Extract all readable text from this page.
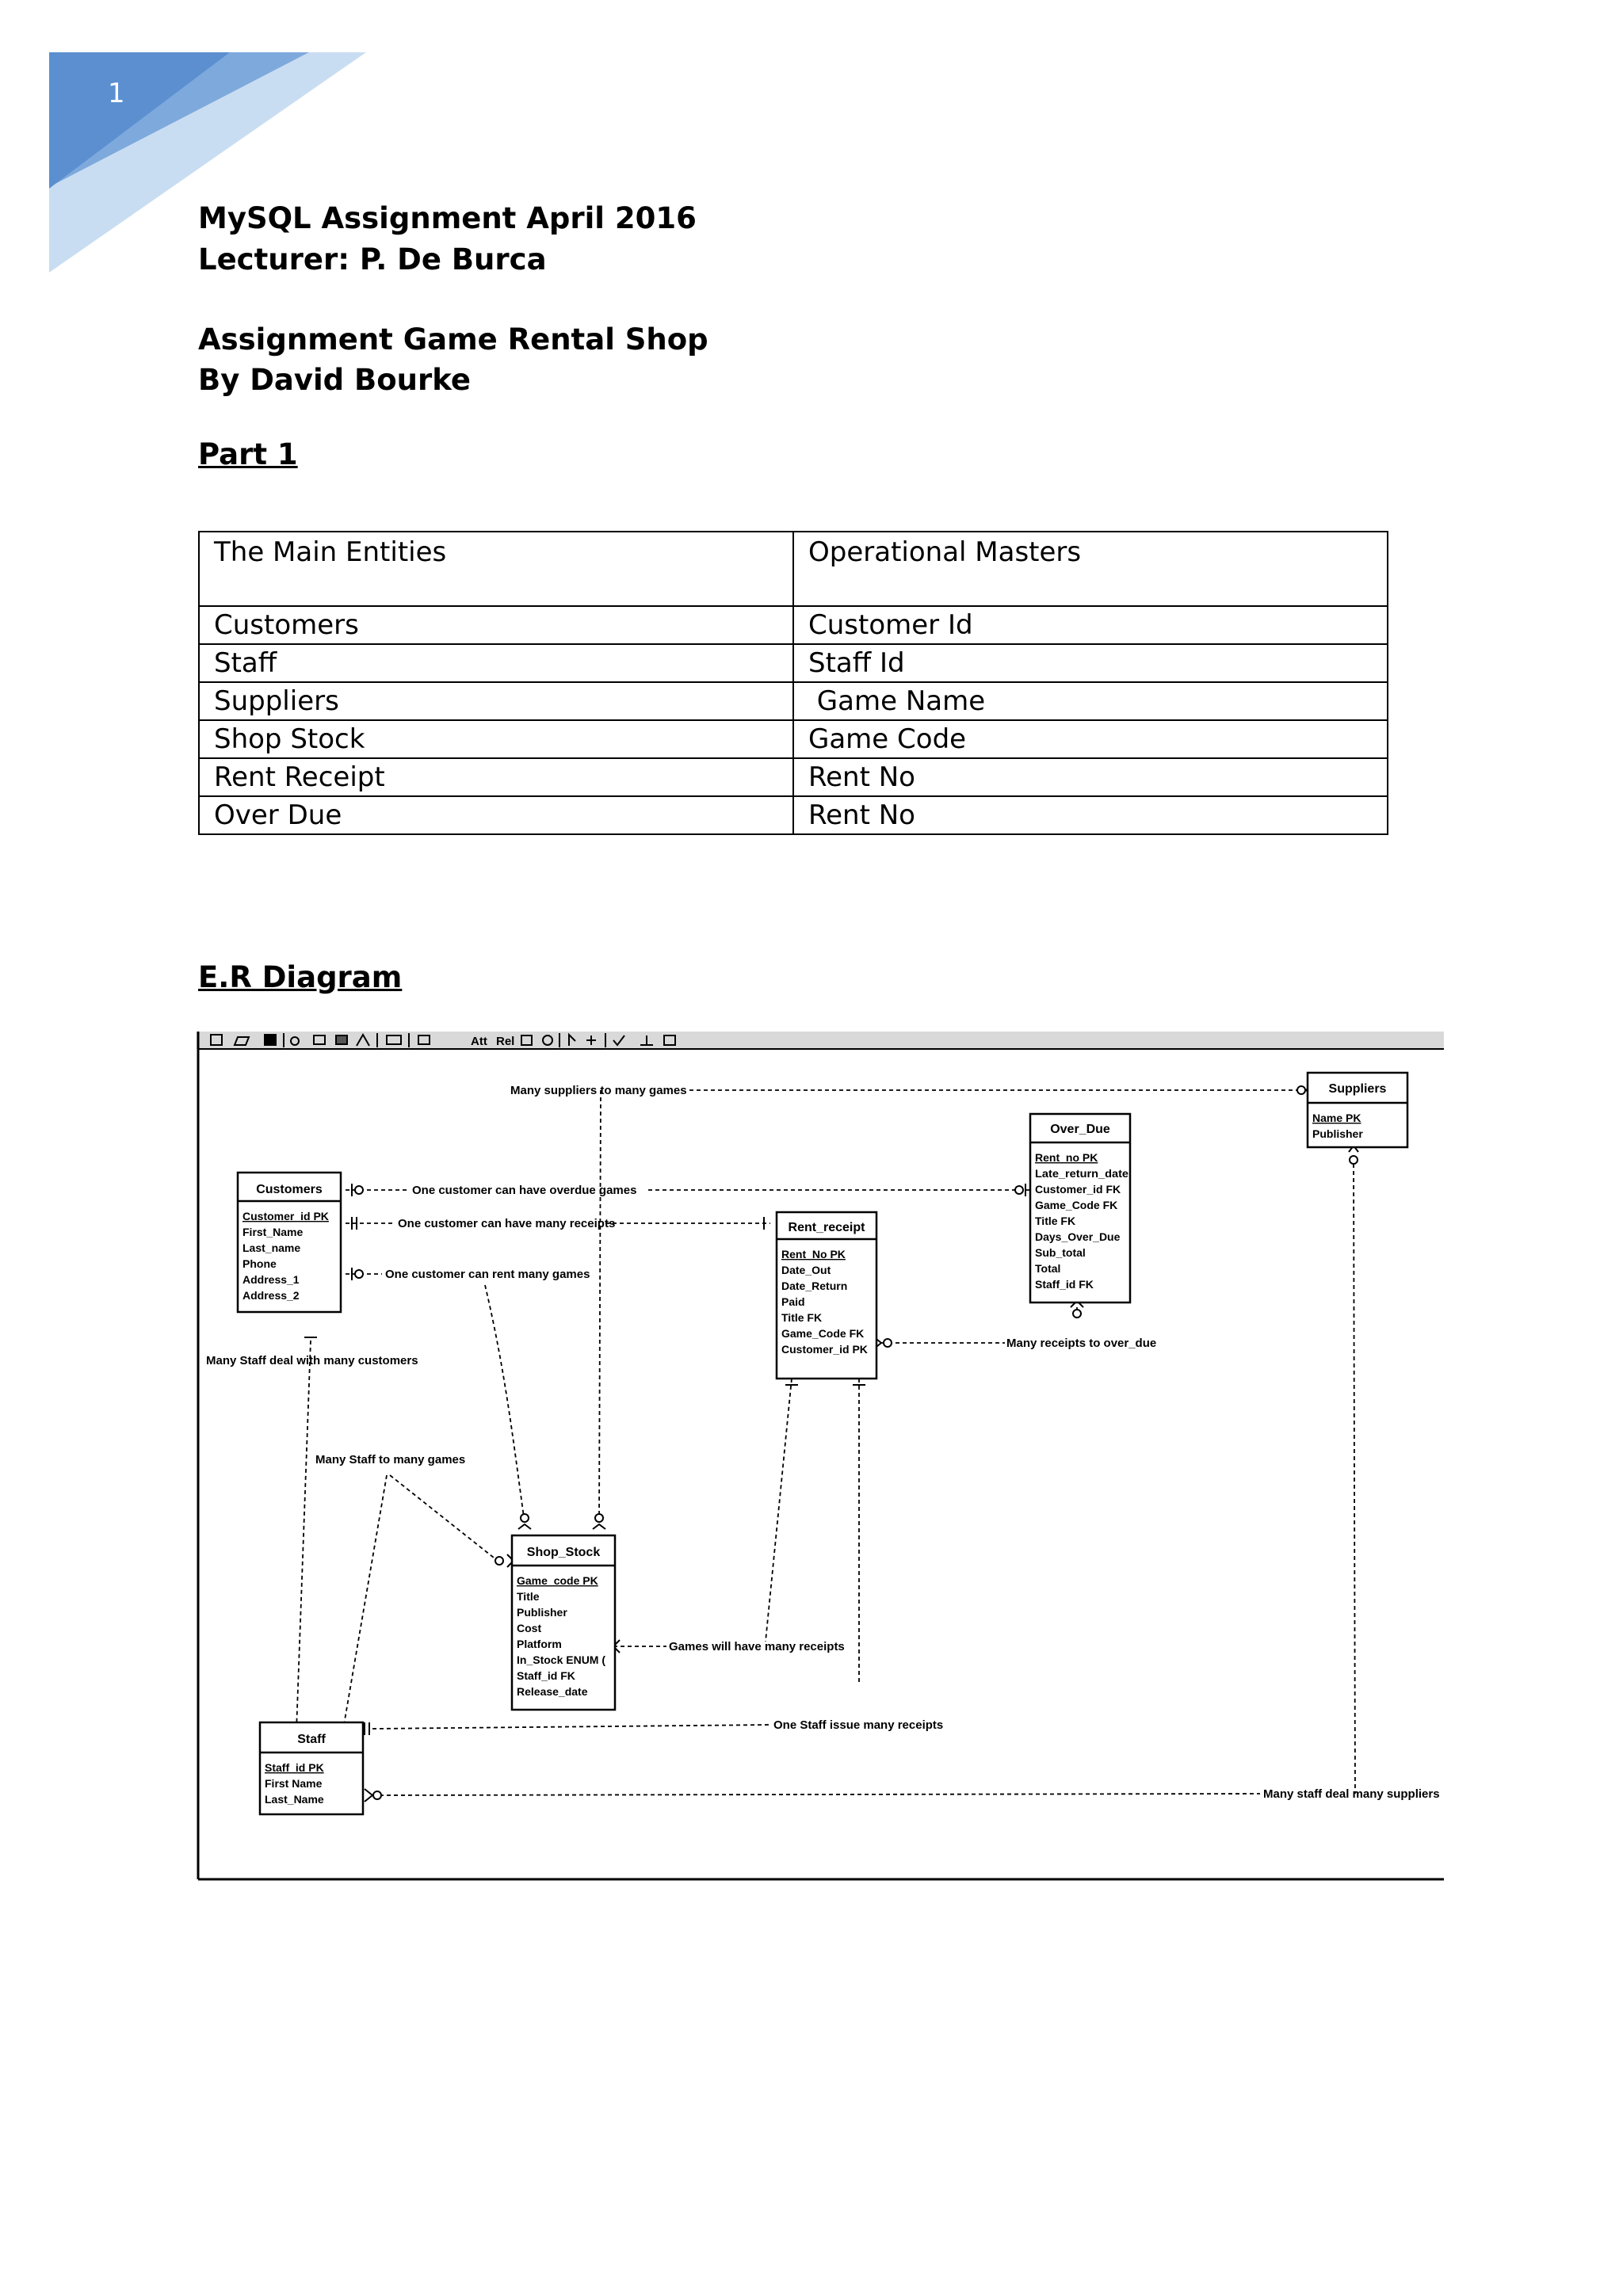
1
MySQL Assignment April 2016
Lecturer: P. De Burca
Assignment Game Rental Shop
By David Bourke
Part 1
The Main Entities	Operational Masters
Customers	Customer Id
Staff	Staff Id
Suppliers	Game Name
Shop Stock	Game Code
Rent Receipt	Rent No
Over Due	Rent No
E.R Diagram
Att Rel
Many suppliers to many games
One customer can have overdue games
One customer can have many receipts
One customer can rent many games
Many receipts to over_due
Many Staff deal with many customers
Many Staff to many games
Games will have many receipts
One Staff issue many receipts
Many staff deal many suppliers
Customers
Customer_id PK
First_Name
Last_name
Phone
Address_1
Address_2
Rent_receipt
Rent_No PK
Date_Out
Date_Return
Paid
Title FK
Game_Code FK
Customer_id PK
Over_Due
Rent_no PK
Late_return_date
Customer_id FK
Game_Code FK
Title FK
Days_Over_Due
Sub_total
Total
Staff_id FK
Suppliers
Name PK
Publisher
Shop_Stock
Game_code PK
Title
Publisher
Cost
Platform
In_Stock ENUM (
Staff_id FK
Release_date
Staff
Staff_id PK
First Name
Last_Name
